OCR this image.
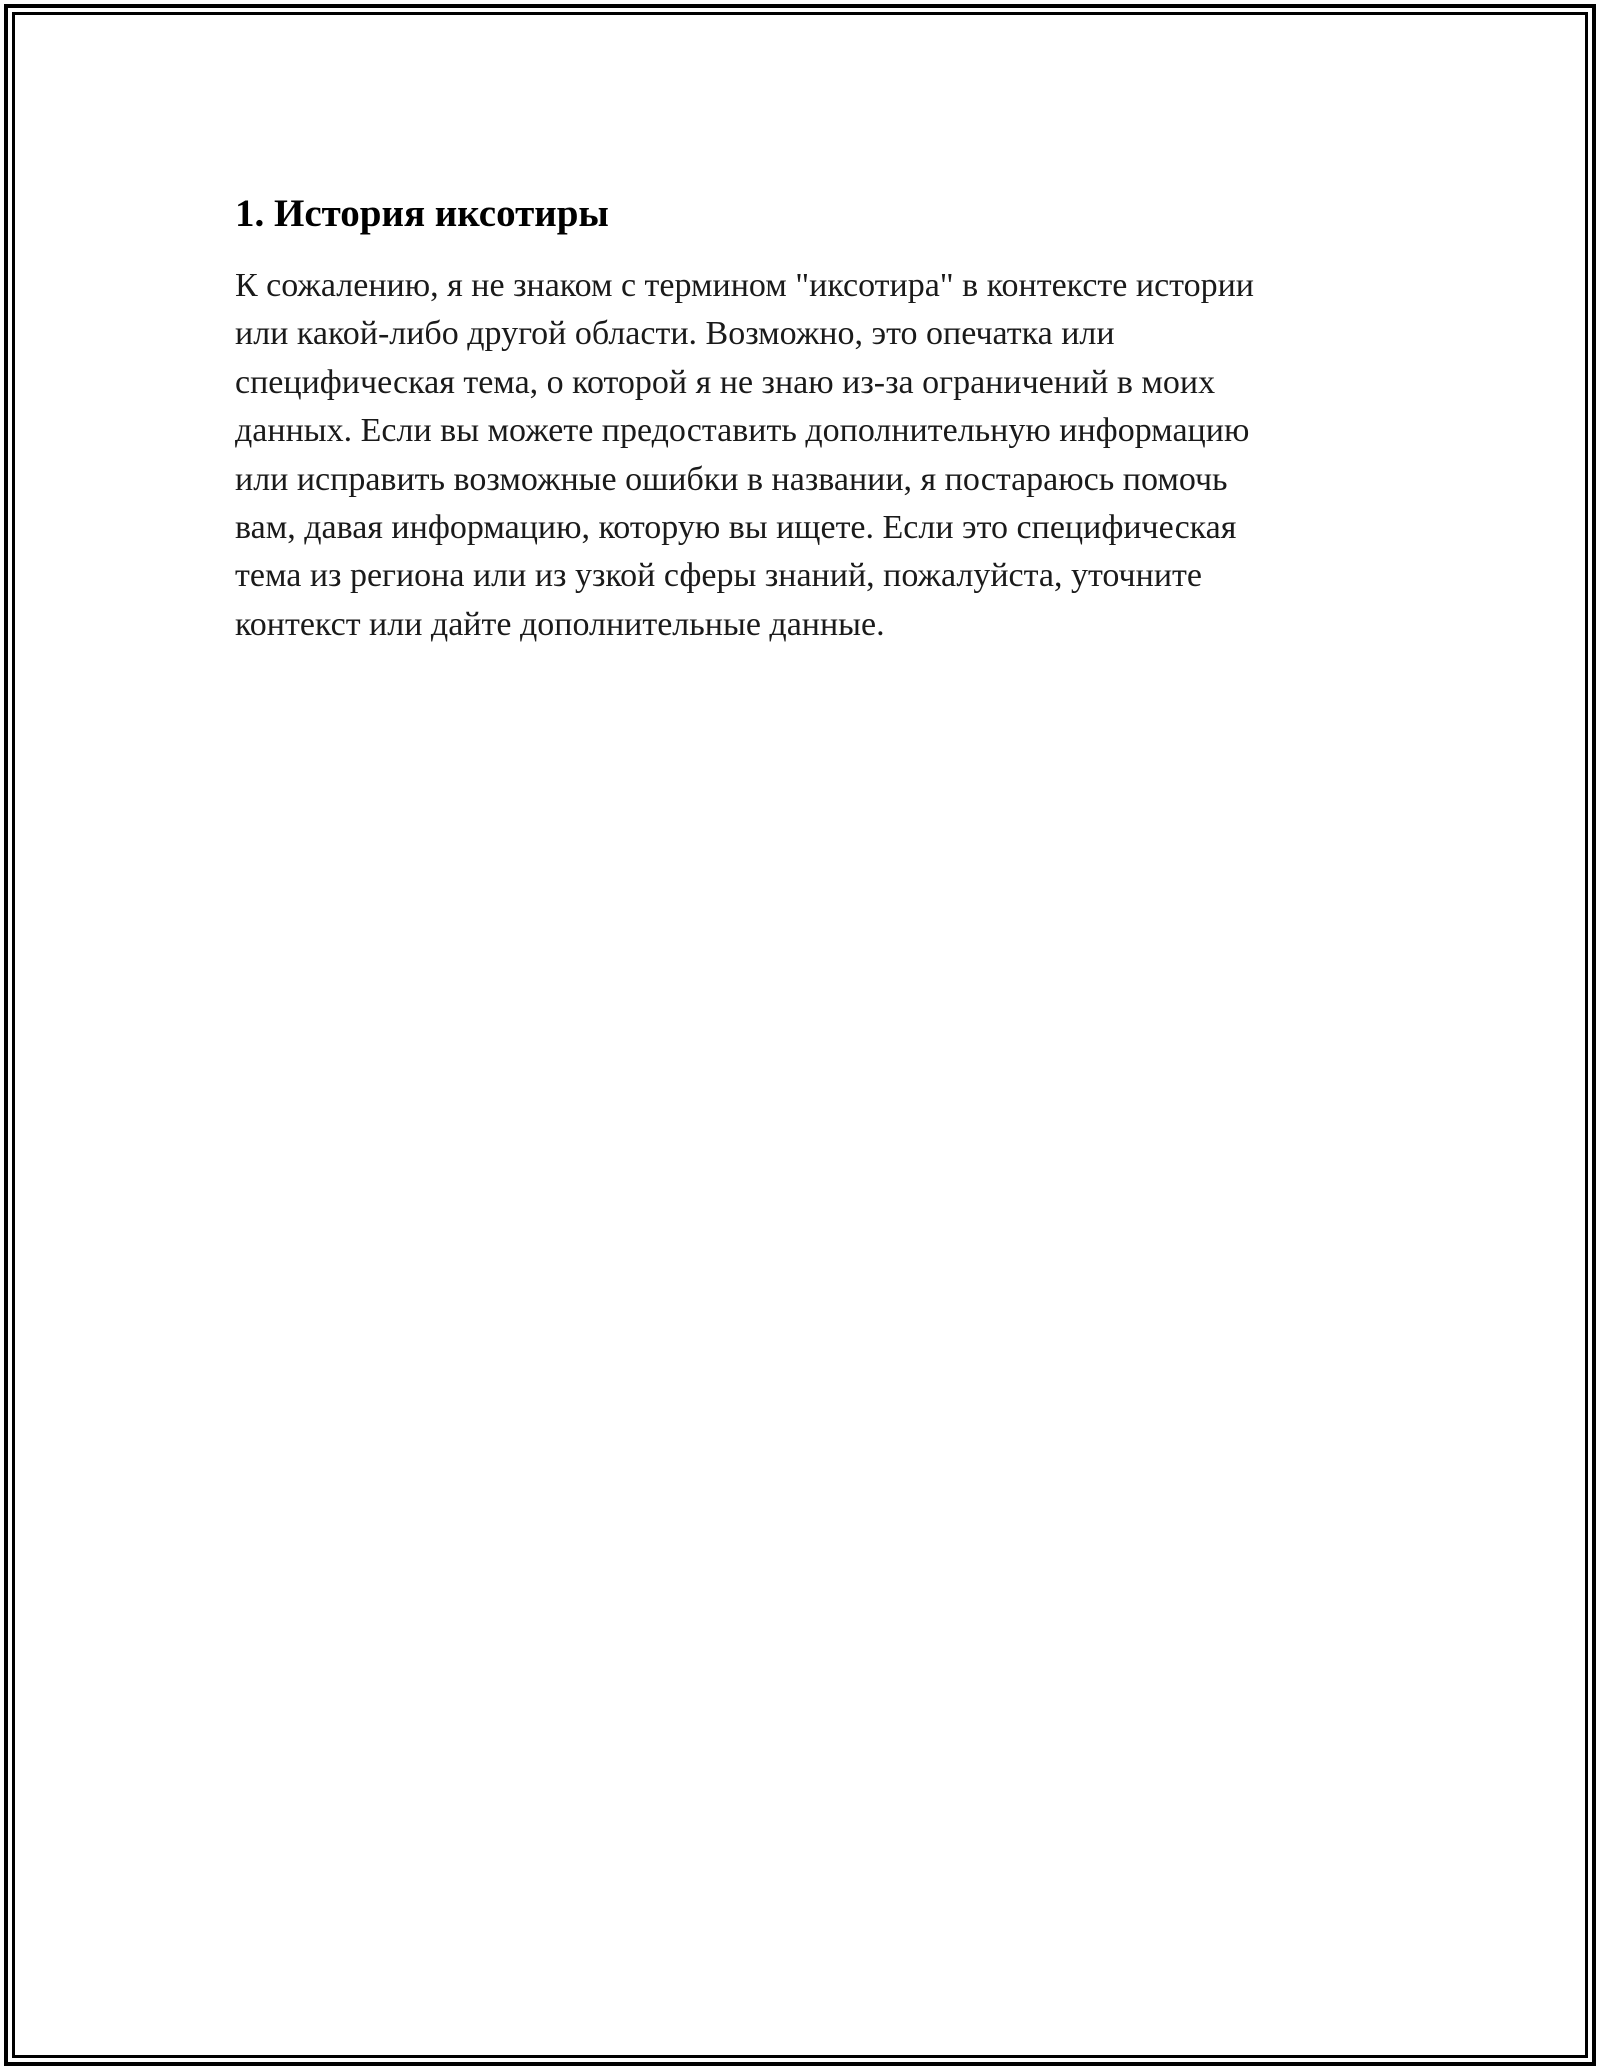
1. История иксотиры

К сожалению, я не знаком с термином "иксотира" в контексте истории
или какой-либо другой области. Возможно, это опечатка или
специфическая тема, о которой я не знаю из-за ограничений в моих
данных. Если вы можете предоставить дополнительную информацию
или исправить возможные ошибки в названии, я постараюсь помочь
вам, давая информацию, которую вы ищете. Если это специфическая
тема из региона или из узкой сферы знаний, пожалуйста, уточните
контекст или дайте дополнительные данные.
